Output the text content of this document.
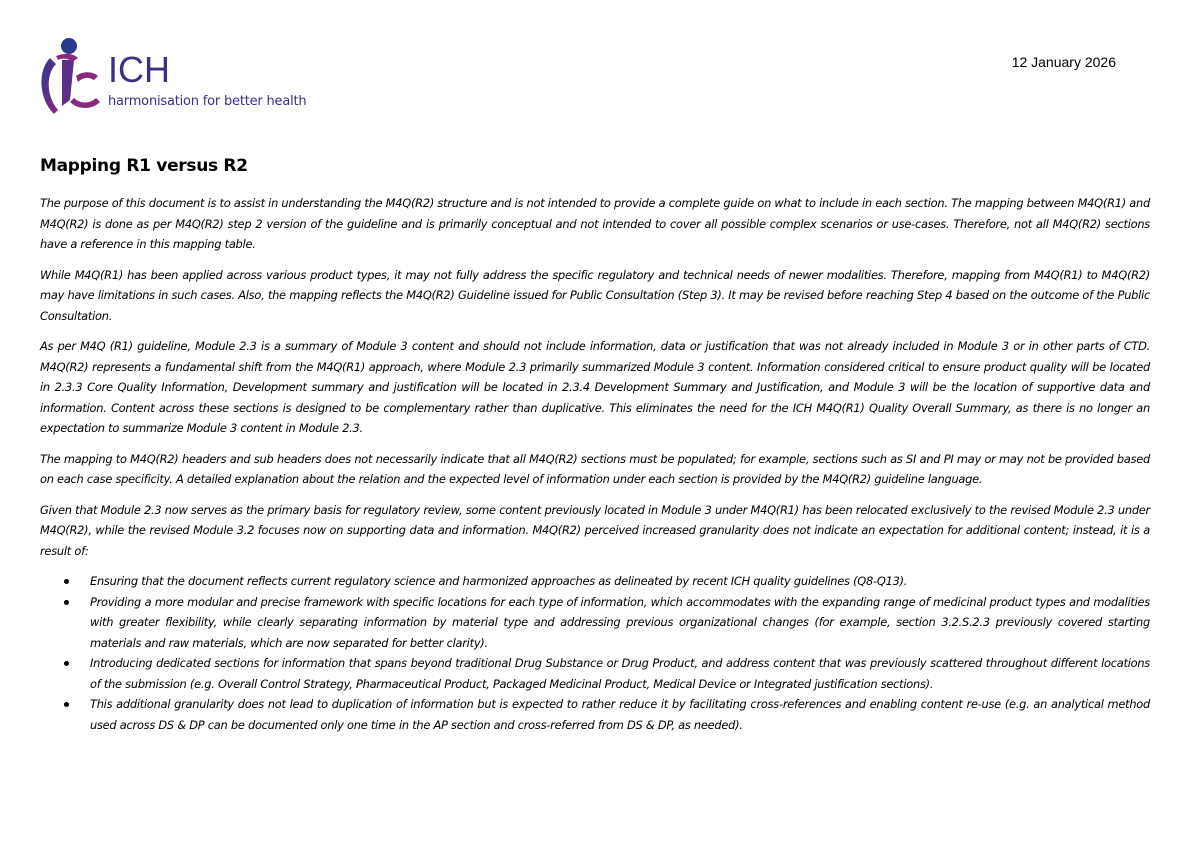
ICH
harmonisation for better health
12 January 2026
Mapping R1 versus R2

The purpose of this document is to assist in understanding the M4Q(R2) structure and is not intended to provide a complete guide on what to include in each section. The mapping between M4Q(R1) and M4Q(R2) is done as per M4Q(R2) step 2 version of the guideline and is primarily conceptual and not intended to cover all possible complex scenarios or use-cases. Therefore, not all M4Q(R2) sections have a reference in this mapping table.

While M4Q(R1) has been applied across various product types, it may not fully address the specific regulatory and technical needs of newer modalities. Therefore, mapping from M4Q(R1) to M4Q(R2) may have limitations in such cases. Also, the mapping reflects the M4Q(R2) Guideline issued for Public Consultation (Step 3). It may be revised before reaching Step 4 based on the outcome of the Public Consultation.

As per M4Q (R1) guideline, Module 2.3 is a summary of Module 3 content and should not include information, data or justification that was not already included in Module 3 or in other parts of CTD. M4Q(R2) represents a fundamental shift from the M4Q(R1) approach, where Module 2.3 primarily summarized Module 3 content. Information considered critical to ensure product quality will be located in 2.3.3 Core Quality Information, Development summary and justification will be located in 2.3.4 Development Summary and Justification, and Module 3 will be the location of supportive data and information. Content across these sections is designed to be complementary rather than duplicative. This eliminates the need for the ICH M4Q(R1) Quality Overall Summary, as there is no longer an expectation to summarize Module 3 content in Module 2.3.

The mapping to M4Q(R2) headers and sub headers does not necessarily indicate that all M4Q(R2) sections must be populated; for example, sections such as SI and PI may or may not be provided based on each case specificity. A detailed explanation about the relation and the expected level of information under each section is provided by the M4Q(R2) guideline language.

Given that Module 2.3 now serves as the primary basis for regulatory review, some content previously located in Module 3 under M4Q(R1) has been relocated exclusively to the revised Module 2.3 under M4Q(R2), while the revised Module 3.2 focuses now on supporting data and information. M4Q(R2) perceived increased granularity does not indicate an expectation for additional content; instead, it is a result of:

Ensuring that the document reflects current regulatory science and harmonized approaches as delineated by recent ICH quality guidelines (Q8-Q13).
Providing a more modular and precise framework with specific locations for each type of information, which accommodates with the expanding range of medicinal product types and modalities with greater flexibility, while clearly separating information by material type and addressing previous organizational changes (for example, section 3.2.S.2.3 previously covered starting materials and raw materials, which are now separated for better clarity).
Introducing dedicated sections for information that spans beyond traditional Drug Substance or Drug Product, and address content that was previously scattered throughout different locations of the submission (e.g. Overall Control Strategy, Pharmaceutical Product, Packaged Medicinal Product, Medical Device or Integrated justification sections).
This additional granularity does not lead to duplication of information but is expected to rather reduce it by facilitating cross-references and enabling content re-use (e.g. an analytical method used across DS & DP can be documented only one time in the AP section and cross-referred from DS & DP, as needed).
